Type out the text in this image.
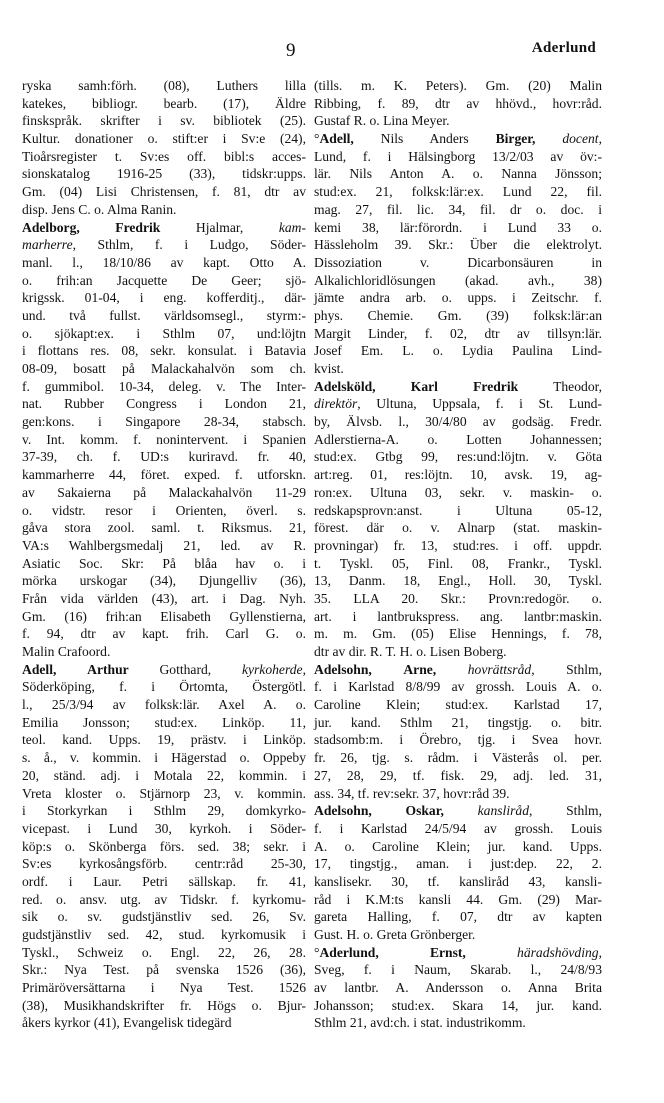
9	Aderlund
ryska samh:förh. (08), Luthers lilla
katekes, bibliogr. bearb. (17), Äldre
finskspråk. skrifter i sv. bibliotek (25).
Kultur. donationer o. stift:er i Sv:e (24),
Tioårsregister t. Sv:es off. bibl:s acces-
sionskatalog 1916-25 (33), tidskr:upps.
Gm. (04) Lisi Christensen, f. 81, dtr av
disp. Jens C. o. Alma Ranin.
Adelborg, Fredrik Hjalmar, kam-
marherre, Sthlm, f. i Ludgo, Söder-
manl. l., 18/10/86 av kapt. Otto A.
o. frih:an Jacquette De Geer; sjö-
krigssk. 01-04, i eng. kofferditj., där-
und. två fullst. världsomsegl., styrm:-
o. sjökapt:ex. i Sthlm 07, und:löjtn
i flottans res. 08, sekr. konsulat. i Batavia
08-09, bosatt på Malackahalvön som ch.
f. gummibol. 10-34, deleg. v. The Inter-
nat. Rubber Congress i London 21,
gen:kons. i Singapore 28-34, stabsch.
v. Int. komm. f. nonintervent. i Spanien
37-39, ch. f. UD:s kuriravd. fr. 40,
kammarherre 44, föret. exped. f. utforskn.
av Sakaierna på Malackahalvön 11-29
o. vidstr. resor i Orienten, överl. s.
gåva stora zool. saml. t. Riksmus. 21,
VA:s Wahlbergsmedalj 21, led. av R.
Asiatic Soc. Skr: På blåa hav o. i
mörka urskogar (34), Djungelliv (36),
Från vida världen (43), art. i Dag. Nyh.
Gm. (16) frih:an Elisabeth Gyllenstierna,
f. 94, dtr av kapt. frih. Carl G. o.
Malin Crafoord.
Adell, Arthur Gotthard, kyrkoherde,
Söderköping, f. i Örtomta, Östergötl.
l., 25/3/94 av folksk:lär. Axel A. o.
Emilia Jonsson; stud:ex. Linköp. 11,
teol. kand. Upps. 19, prästv. i Linköp.
s. å., v. kommin. i Hägerstad o. Oppeby
20, ständ. adj. i Motala 22, kommin. i
Vreta kloster o. Stjärnorp 23, v. kommin.
i Storkyrkan i Sthlm 29, domkyrko-
vicepast. i Lund 30, kyrkoh. i Söder-
köp:s o. Skönberga förs. sed. 38; sekr. i
Sv:es kyrkosångsförb. centr:råd 25-30,
ordf. i Laur. Petri sällskap. fr. 41,
red. o. ansv. utg. av Tidskr. f. kyrkomu-
sik o. sv. gudstjänstliv sed. 26, Sv.
gudstjänstliv sed. 42, stud. kyrkomusik i
Tyskl., Schweiz o. Engl. 22, 26, 28.
Skr.: Nya Test. på svenska 1526 (36),
Primäröversättarna i Nya Test. 1526
(38), Musikhandskrifter fr. Högs o. Bjur-
åkers kyrkor (41), Evangelisk tidegärd
(tills. m. K. Peters). Gm. (20) Malin
Ribbing, f. 89, dtr av hhövd., hovr:råd.
Gustaf R. o. Lina Meyer.
°Adell, Nils Anders Birger, docent,
Lund, f. i Hälsingborg 13/2/03 av öv:-
lär. Nils Anton A. o. Nanna Jönsson;
stud:ex. 21, folksk:lär:ex. Lund 22, fil.
mag. 27, fil. lic. 34, fil. dr o. doc. i
kemi 38, lär:förordn. i Lund 33 o.
Hässleholm 39. Skr.: Über die elektrolyt.
Dissoziation v. Dicarbonsäuren in
Alkalichloridlösungen (akad. avh., 38)
jämte andra arb. o. upps. i Zeitschr. f.
phys. Chemie. Gm. (39) folksk:lär:an
Margit Linder, f. 02, dtr av tillsyn:lär.
Josef Em. L. o. Lydia Paulina Lind-
kvist.
Adelsköld, Karl Fredrik Theodor,
direktör, Ultuna, Uppsala, f. i St. Lund-
by, Älvsb. l., 30/4/80 av godsäg. Fredr.
Adlerstierna-A. o. Lotten Johannessen;
stud:ex. Gtbg 99, res:und:löjtn. v. Göta
art:reg. 01, res:löjtn. 10, avsk. 19, ag-
ron:ex. Ultuna 03, sekr. v. maskin- o.
redskapsprovn:anst. i Ultuna 05-12,
förest. där o. v. Alnarp (stat. maskin-
provningar) fr. 13, stud:res. i off. uppdr.
t. Tyskl. 05, Finl. 08, Frankr., Tyskl.
13, Danm. 18, Engl., Holl. 30, Tyskl.
35. LLA 20. Skr.: Provn:redogör. o.
art. i lantbrukspress. ang. lantbr:maskin.
m. m. Gm. (05) Elise Hennings, f. 78,
dtr av dir. R. T. H. o. Lisen Boberg.
Adelsohn, Arne, hovrättsråd, Sthlm,
f. i Karlstad 8/8/99 av grossh. Louis A. o.
Caroline Klein; stud:ex. Karlstad 17,
jur. kand. Sthlm 21, tingstjg. o. bitr.
stadsomb:m. i Örebro, tjg. i Svea hovr.
fr. 26, tjg. s. rådm. i Västerås ol. per.
27, 28, 29, tf. fisk. 29, adj. led. 31,
ass. 34, tf. rev:sekr. 37, hovr:råd 39.
Adelsohn, Oskar, kansliråd, Sthlm,
f. i Karlstad 24/5/94 av grossh. Louis
A. o. Caroline Klein; jur. kand. Upps.
17, tingstjg., aman. i just:dep. 22, 2.
kanslisekr. 30, tf. kansliråd 43, kansli-
råd i K.M:ts kansli 44. Gm. (29) Mar-
gareta Halling, f. 07, dtr av kapten
Gust. H. o. Greta Grönberger.
°Aderlund, Ernst,	häradshövding,
Sveg, f. i Naum, Skarab. l., 24/8/93
av lantbr. A. Andersson o. Anna Brita
Johansson; stud:ex. Skara 14, jur. kand.
Sthlm 21, avd:ch. i stat. industrikomm.
